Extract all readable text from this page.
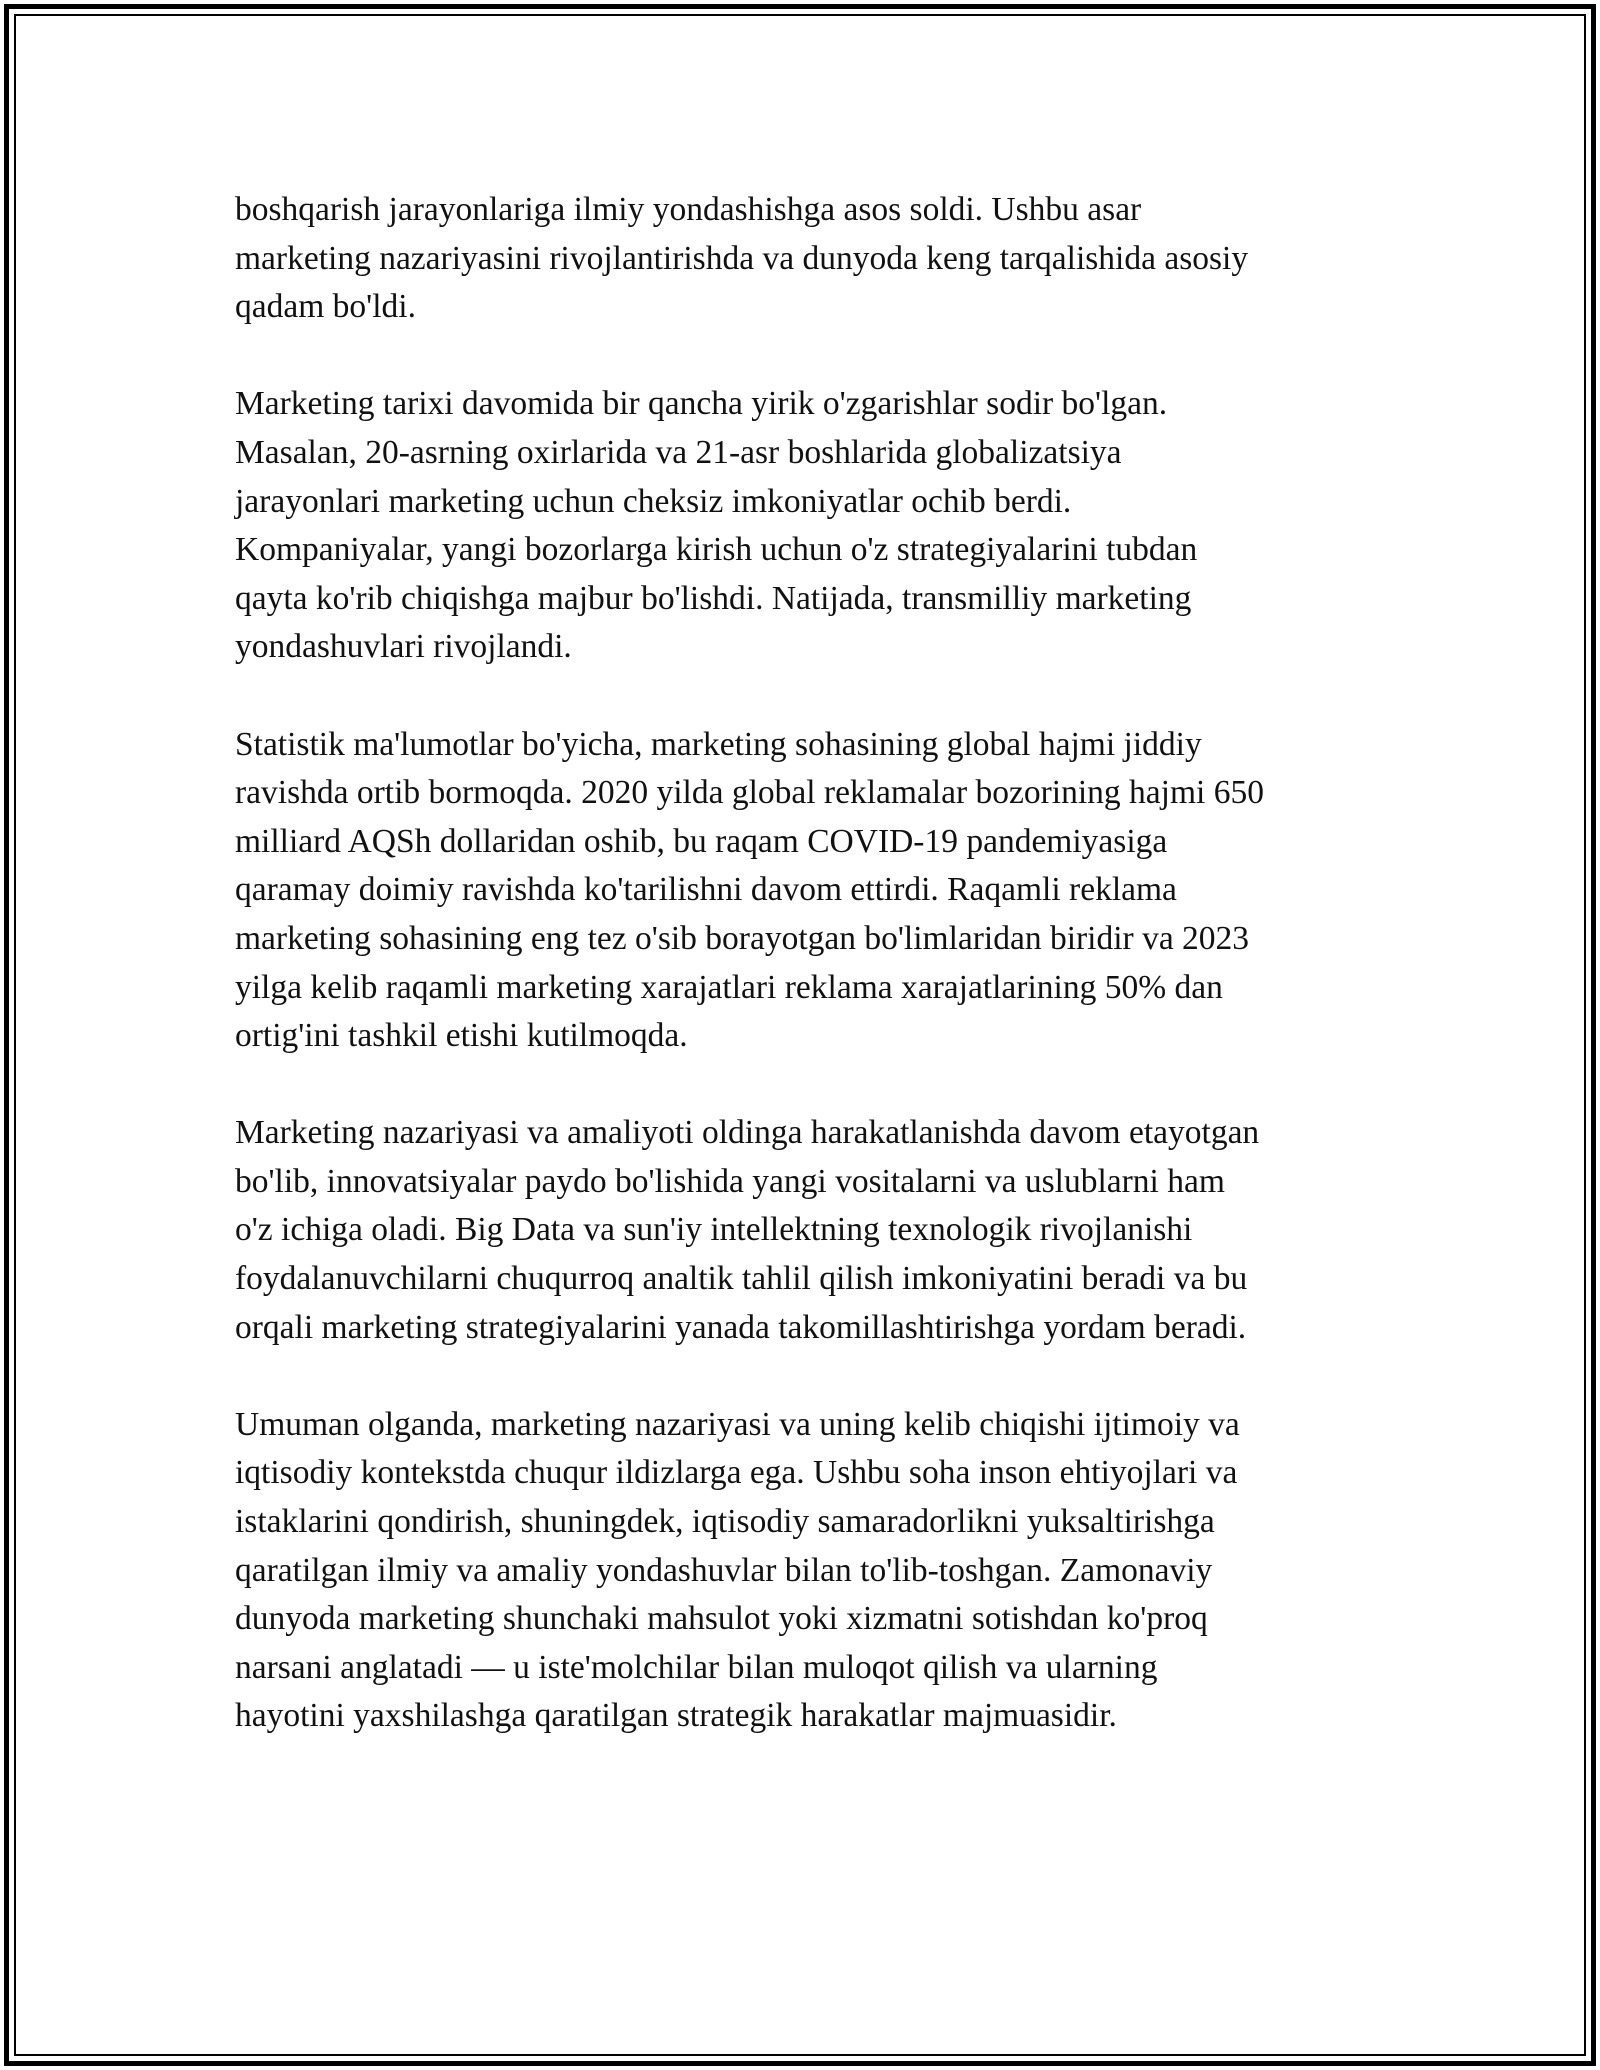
boshqarish jarayonlariga ilmiy yondashishga asos soldi. Ushbu asar
marketing nazariyasini rivojlantirishda va dunyoda keng tarqalishida asosiy
qadam bo'ldi.

Marketing tarixi davomida bir qancha yirik o'zgarishlar sodir bo'lgan.
Masalan, 20-asrning oxirlarida va 21-asr boshlarida globalizatsiya
jarayonlari marketing uchun cheksiz imkoniyatlar ochib berdi.
Kompaniyalar, yangi bozorlarga kirish uchun o'z strategiyalarini tubdan
qayta ko'rib chiqishga majbur bo'lishdi. Natijada, transmilliy marketing
yondashuvlari rivojlandi.

Statistik ma'lumotlar bo'yicha, marketing sohasining global hajmi jiddiy
ravishda ortib bormoqda. 2020 yilda global reklamalar bozorining hajmi 650
milliard AQSh dollaridan oshib, bu raqam COVID-19 pandemiyasiga
qaramay doimiy ravishda ko'tarilishni davom ettirdi. Raqamli reklama
marketing sohasining eng tez o'sib borayotgan bo'limlaridan biridir va 2023
yilga kelib raqamli marketing xarajatlari reklama xarajatlarining 50% dan
ortig'ini tashkil etishi kutilmoqda.

Marketing nazariyasi va amaliyoti oldinga harakatlanishda davom etayotgan
bo'lib, innovatsiyalar paydo bo'lishida yangi vositalarni va uslublarni ham
o'z ichiga oladi. Big Data va sun'iy intellektning texnologik rivojlanishi
foydalanuvchilarni chuqurroq analtik tahlil qilish imkoniyatini beradi va bu
orqali marketing strategiyalarini yanada takomillashtirishga yordam beradi.

Umuman olganda, marketing nazariyasi va uning kelib chiqishi ijtimoiy va
iqtisodiy kontekstda chuqur ildizlarga ega. Ushbu soha inson ehtiyojlari va
istaklarini qondirish, shuningdek, iqtisodiy samaradorlikni yuksaltirishga
qaratilgan ilmiy va amaliy yondashuvlar bilan to'lib-toshgan. Zamonaviy
dunyoda marketing shunchaki mahsulot yoki xizmatni sotishdan ko'proq
narsani anglatadi — u iste'molchilar bilan muloqot qilish va ularning
hayotini yaxshilashga qaratilgan strategik harakatlar majmuasidir.
